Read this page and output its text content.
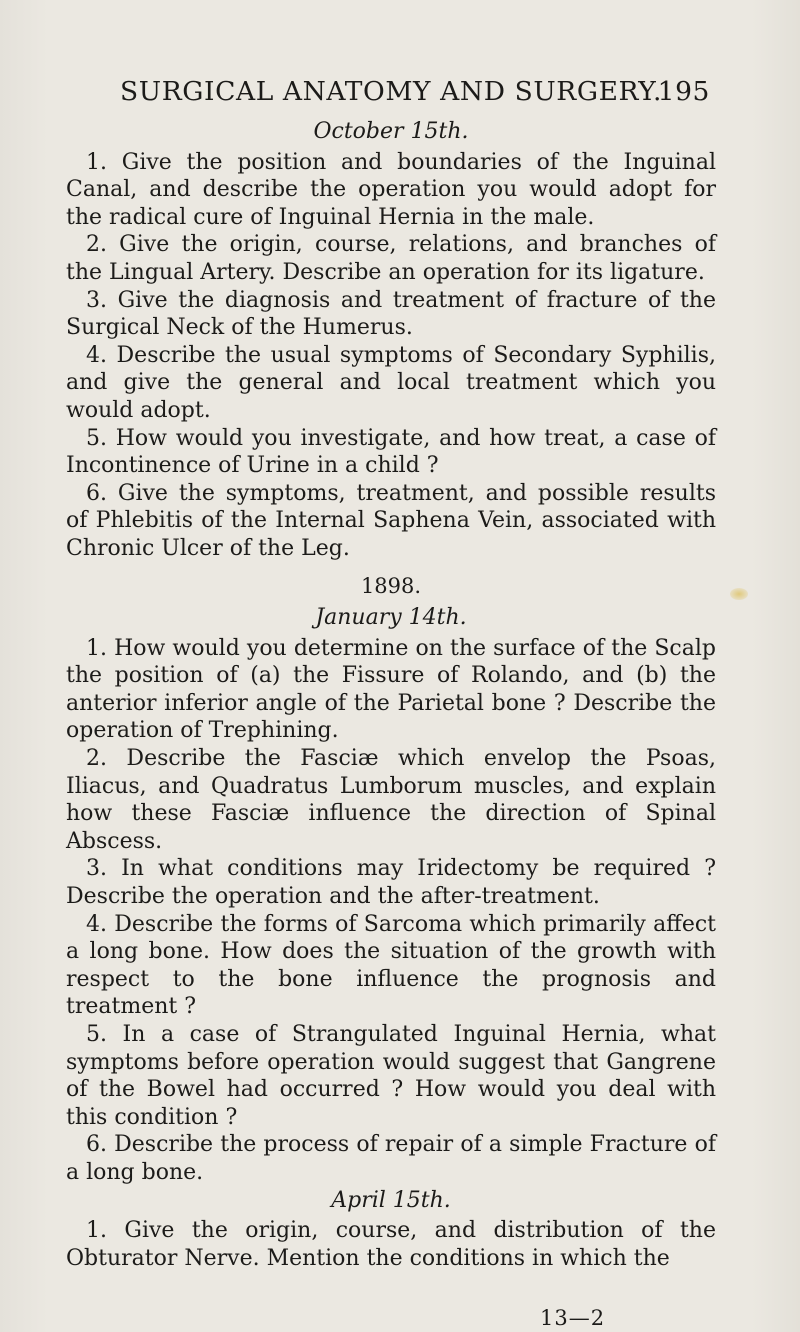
SURGICAL ANATOMY AND SURGERY.
195

October 15th.

1. Give the position and boundaries of the Inguinal Canal, and describe the operation you would adopt for the radical cure of Inguinal Hernia in the male.

2. Give the origin, course, relations, and branches of the Lingual Artery. Describe an operation for its ligature.

3. Give the diagnosis and treatment of fracture of the Surgical Neck of the Humerus.

4. Describe the usual symptoms of Secondary Syphilis, and give the general and local treatment which you would adopt.

5. How would you investigate, and how treat, a case of Incontinence of Urine in a child ?

6. Give the symptoms, treatment, and possible results of Phlebitis of the Internal Saphena Vein, associated with Chronic Ulcer of the Leg.

1898.

January 14th.

1. How would you determine on the surface of the Scalp the position of (a) the Fissure of Rolando, and (b) the anterior inferior angle of the Parietal bone ? Describe the operation of Trephining.

2. Describe the Fasciæ which envelop the Psoas, Iliacus, and Quadratus Lumborum muscles, and explain how these Fasciæ influence the direction of Spinal Abscess.

3. In what conditions may Iridectomy be required ? Describe the operation and the after-treatment.

4. Describe the forms of Sarcoma which primarily affect a long bone. How does the situation of the growth with respect to the bone influence the prognosis and treatment ?

5. In a case of Strangulated Inguinal Hernia, what symptoms before operation would suggest that Gangrene of the Bowel had occurred ? How would you deal with this condition ?

6. Describe the process of repair of a simple Fracture of a long bone.

April 15th.

1. Give the origin, course, and distribution of the Obturator Nerve. Mention the conditions in which the

13—2
